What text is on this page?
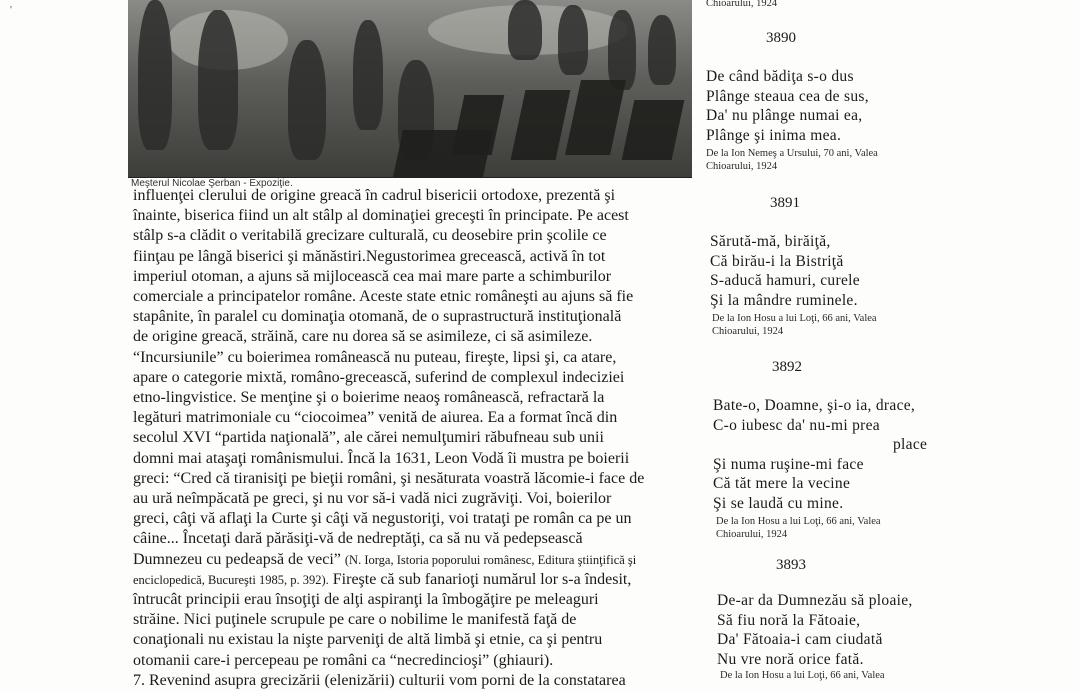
'
Meşterul Nicolae Şerban - Expoziţie.

influenţei clerului de origine greacă în cadrul bisericii ortodoxe, prezentă şi

înainte, biserica fiind un alt stâlp al dominaţiei greceşti în principate. Pe acest

stâlp s-a clădit o veritabilă grecizare culturală, cu deosebire prin şcolile ce

fiinţau pe lângă biserici şi mănăstiri.Negustorimea grecească, activă în tot

imperiul otoman, a ajuns să mijlocească cea mai mare parte a schimburilor

comerciale a principatelor române. Aceste state etnic româneşti au ajuns să fie

stapânite, în paralel cu dominaţia otomană, de o suprastructură instituţională

de origine greacă, străină, care nu dorea să se asimileze, ci să asimileze.

“Incursiunile” cu boierimea românească nu puteau, fireşte, lipsi şi, ca atare,

apare o categorie mixtă, româno-grecească, suferind de complexul indeciziei

etno-lingvistice. Se menţine şi o boierime neaoş românească, refractară la

legături matrimoniale cu “ciocoimea” venită de aiurea. Ea a format încă din

secolul XVI “partida naţională”, ale cărei nemulţumiri răbufneau sub unii

domni mai ataşaţi românismului. Încă la 1631, Leon Vodă îi mustra pe boierii

greci: “Cred că tiranisiţi pe bieţii români, şi nesăturata voastră lăcomie-i face de

au ură neîmpăcată pe greci, şi nu vor să-i vadă nici zugrăviţi. Voi, boierilor

greci, câţi vă aflaţi la Curte şi câţi vă negustoriţi, voi trataţi pe român ca pe un

câine... Încetaţi dară părăsiţi-vă de nedreptăţi, ca să nu vă pedepsească

Dumnezeu cu pedeapsă de veci” (N. Iorga, Istoria poporului românesc, Editura ştiinţifică şi

enciclopedică, Bucureşti 1985, p. 392). Fireşte că sub fanarioţi numărul lor s-a îndesit,

întrucât principii erau însoţiţi de alţi aspiranţi la îmbogăţire pe meleaguri

străine. Nici puţinele scrupule pe care o nobilime le manifestă faţă de

conaţionali nu existau la nişte parveniţi de altă limbă şi etnie, ca şi pentru

otomanii care-i percepeau pe români ca “necredincioşi” (ghiauri).

7. Revenind asupra grecizării (elenizării) culturii vom porni de la constatarea

Chioarului, 1924

3890

De când bădiţa s-o dus

Plânge steaua cea de sus,

Da' nu plânge numai ea,

Plânge şi inima mea.

De la Ion Nemeş a Ursului, 70 ani, Valea

Chioarului, 1924

3891

Sărută-mă, birăiţă,

Că birău-i la Bistriţă

S-aducă hamuri, curele

Şi la mândre ruminele.

De la Ion Hosu a lui Loţi, 66 ani, Valea

Chioarului, 1924

3892

Bate-o, Doamne, şi-o ia, drace,

C-o iubesc da' nu-mi prea

place

Şi numa ruşine-mi face

Că tăt mere la vecine

Şi se laudă cu mine.

De la Ion Hosu a lui Loţi, 66 ani, Valea

Chioarului, 1924

3893

De-ar da Dumnezău să ploaie,

Să fiu noră la Fătoaie,

Da' Fătoaia-i cam ciudată

Nu vre noră orice fată.

De la Ion Hosu a lui Loţi, 66 ani, Valea
